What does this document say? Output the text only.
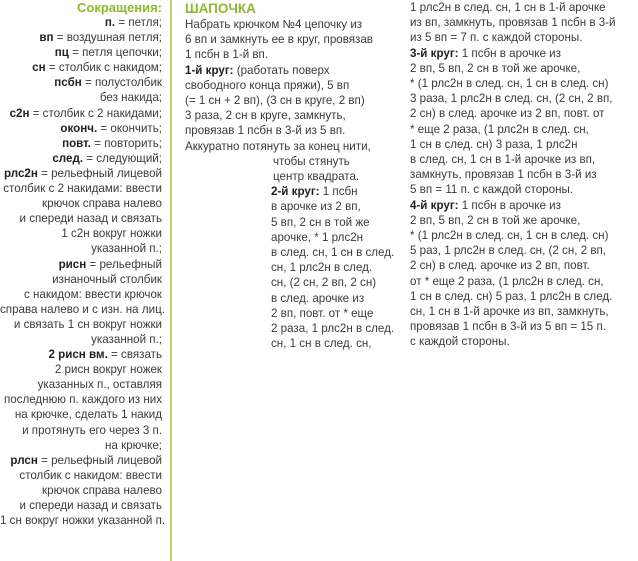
Сокращения:
п. = петля;
вп = воздушная петля;
пц = петля цепочки;
сн = столбик с накидом;
псбн = полустолбик
без накида;
с2н = столбик с 2 накидами;
оконч. = окончить;
повт. = повторить;
след. = следующий;
рлс2н = рельефный лицевой
столбик с 2 накидами: ввести
крючок справа налево
и спереди назад и связать
1 с2н вокруг ножки
указанной п.;
рисн = рельефный
изнаночный столбик
с накидом: ввести крючок
справа налево и с изн. на лиц.
и связать 1 сн вокруг ножки
указанной п.;
2 рисн вм. = связать
2 рисн вокруг ножек
указанных п., оставляя
последнюю п. каждого из них
на крючке, сделать 1 накид
и протянуть его через 3 п.
на крючке;
рлсн = рельефный лицевой
столбик с накидом: ввести
крючок справа налево
и спереди назад и связать
1 сн вокруг ножки указанной п.
ШАПОЧКА
Набрать крючком №4 цепочку из
6 вп и замкнуть ее в круг, провязав
1 псбн в 1-й вп.
1-й круг: (работать поверх
свободного конца пряжи), 5 вп
(= 1 сн + 2 вп), (3 сн в круге, 2 вп)
3 раза, 2 сн в круге, замкнуть,
провязав 1 псбн в 3-й из 5 вп.
Аккуратно потянуть за конец нити,
чтобы стянуть
центр квадрата.
2-й круг: 1 псбн
в арочке из 2 вп,
5 вп, 2 сн в той же
арочке, * 1 рлс2н
в след. сн, 1 сн в след.
сн, 1 рлс2н в след.
сн, (2 сн, 2 вп, 2 сн)
в след. арочке из
2 вп, повт. от * еще
2 раза, 1 рлс2н в след.
сн, 1 сн в след. сн,
1 рлс2н в след. сн, 1 сн в 1-й арочке
из вп, замкнуть, провязав 1 псбн в 3-й
из 5 вп = 7 п. с каждой стороны.
3-й круг: 1 псбн в арочке из
2 вп, 5 вп, 2 сн в той же арочке,
* (1 рлс2н в след. сн, 1 сн в след. сн)
3 раза, 1 рлс2н в след. сн, (2 сн, 2 вп,
2 сн) в след. арочке из 2 вп, повт. от
* еще 2 раза, (1 рлс2н в след. сн,
1 сн в след. сн) 3 раза, 1 рлс2н
в след. сн, 1 сн в 1-й арочке из вп,
замкнуть, провязав 1 псбн в 3-й из
5 вп = 11 п. с каждой стороны.
4-й круг: 1 псбн в арочке из
2 вп, 5 вп, 2 сн в той же арочке,
* (1 рлс2н в след. сн, 1 сн в след. сн)
5 раз, 1 рлс2н в след. сн, (2 сн, 2 вп,
2 сн) в след. арочке из 2 вп, повт.
от * еще 2 раза, (1 рлс2н в след. сн,
1 сн в след. сн) 5 раз, 1 рлс2н в след.
сн, 1 сн в 1-й арочке из вп, замкнуть,
провязав 1 псбн в 3-й из 5 вп = 15 п.
с каждой стороны.
